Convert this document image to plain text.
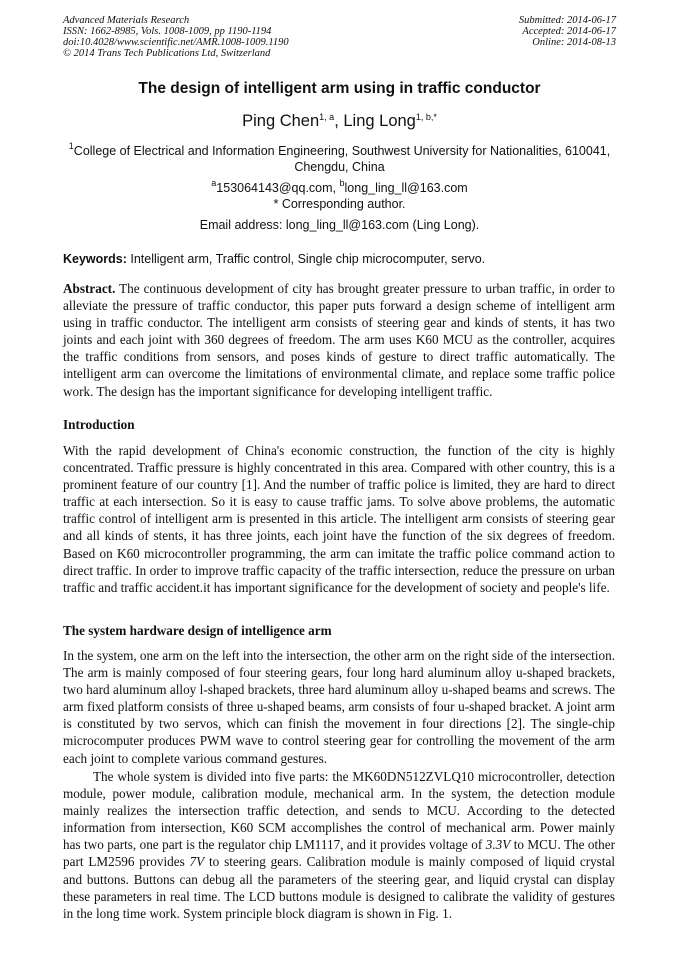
Advanced Materials Research
ISSN: 1662-8985, Vols. 1008-1009, pp 1190-1194
doi:10.4028/www.scientific.net/AMR.1008-1009.1190
© 2014 Trans Tech Publications Ltd, Switzerland
Submitted: 2014-06-17
Accepted: 2014-06-17
Online: 2014-08-13
The design of intelligent arm using in traffic conductor
Ping Chen$^{1, a}$, Ling Long$^{1, b,*}$
$^1$College of Electrical and Information Engineering, Southwest University for Nationalities, 610041,
Chengdu, China
$^a$153064143@qq.com, $^b$long_ling_ll@163.com
* Corresponding author.
Email address: long_ling_ll@163.com (Ling Long).
Keywords: Intelligent arm, Traffic control, Single chip microcomputer, servo.

Abstract. The continuous development of city has brought greater pressure to urban traffic, in order to alleviate the pressure of traffic conductor, this paper puts forward a design scheme of intelligent arm using in traffic conductor. The intelligent arm consists of steering gear and kinds of stents, it has two joints and each joint with 360 degrees of freedom. The arm uses K60 MCU as the controller, acquires the traffic conditions from sensors, and poses kinds of gesture to direct traffic automatically. The intelligent arm can overcome the limitations of environmental climate, and replace some traffic police work. The design has the important significance for developing intelligent traffic.

Introduction

With the rapid development of China's economic construction, the function of the city is highly concentrated. Traffic pressure is highly concentrated in this area. Compared with other country, this is a prominent feature of our country [1]. And the number of traffic police is limited, they are hard to direct traffic at each intersection. So it is easy to cause traffic jams. To solve above problems, the automatic traffic control of intelligent arm is presented in this article. The intelligent arm consists of steering gear and all kinds of stents, it has three joints, each joint have the function of the six degrees of freedom. Based on K60 microcontroller programming, the arm can imitate the traffic police command action to direct traffic. In order to improve traffic capacity of the traffic intersection, reduce the pressure on urban traffic and traffic accident.it has important significance for the development of society and people's life.

The system hardware design of intelligence arm

In the system, one arm on the left into the intersection, the other arm on the right side of the intersection. The arm is mainly composed of four steering gears, four long hard aluminum alloy u-shaped brackets, two hard aluminum alloy l-shaped brackets, three hard aluminum alloy u-shaped beams and screws. The arm fixed platform consists of three u-shaped beams, arm consists of four u-shaped bracket. A joint arm is constituted by two servos, which can finish the movement in four directions [2]. The single-chip microcomputer produces PWM wave to control steering gear for controlling the movement of the arm each joint to complete various command gestures.

The whole system is divided into five parts: the MK60DN512ZVLQ10 microcontroller, detection module, power module, calibration module, mechanical arm. In the system, the detection module mainly realizes the intersection traffic detection, and sends to MCU. According to the detected information from intersection, K60 SCM accomplishes the control of mechanical arm. Power mainly has two parts, one part is the regulator chip LM1117, and it provides voltage of 3.3V to MCU. The other part LM2596 provides 7V to steering gears. Calibration module is mainly composed of liquid crystal and buttons. Buttons can debug all the parameters of the steering gear, and liquid crystal can display these parameters in real time. The LCD buttons module is designed to calibrate the validity of gestures in the long time work. System principle block diagram is shown in Fig. 1.
